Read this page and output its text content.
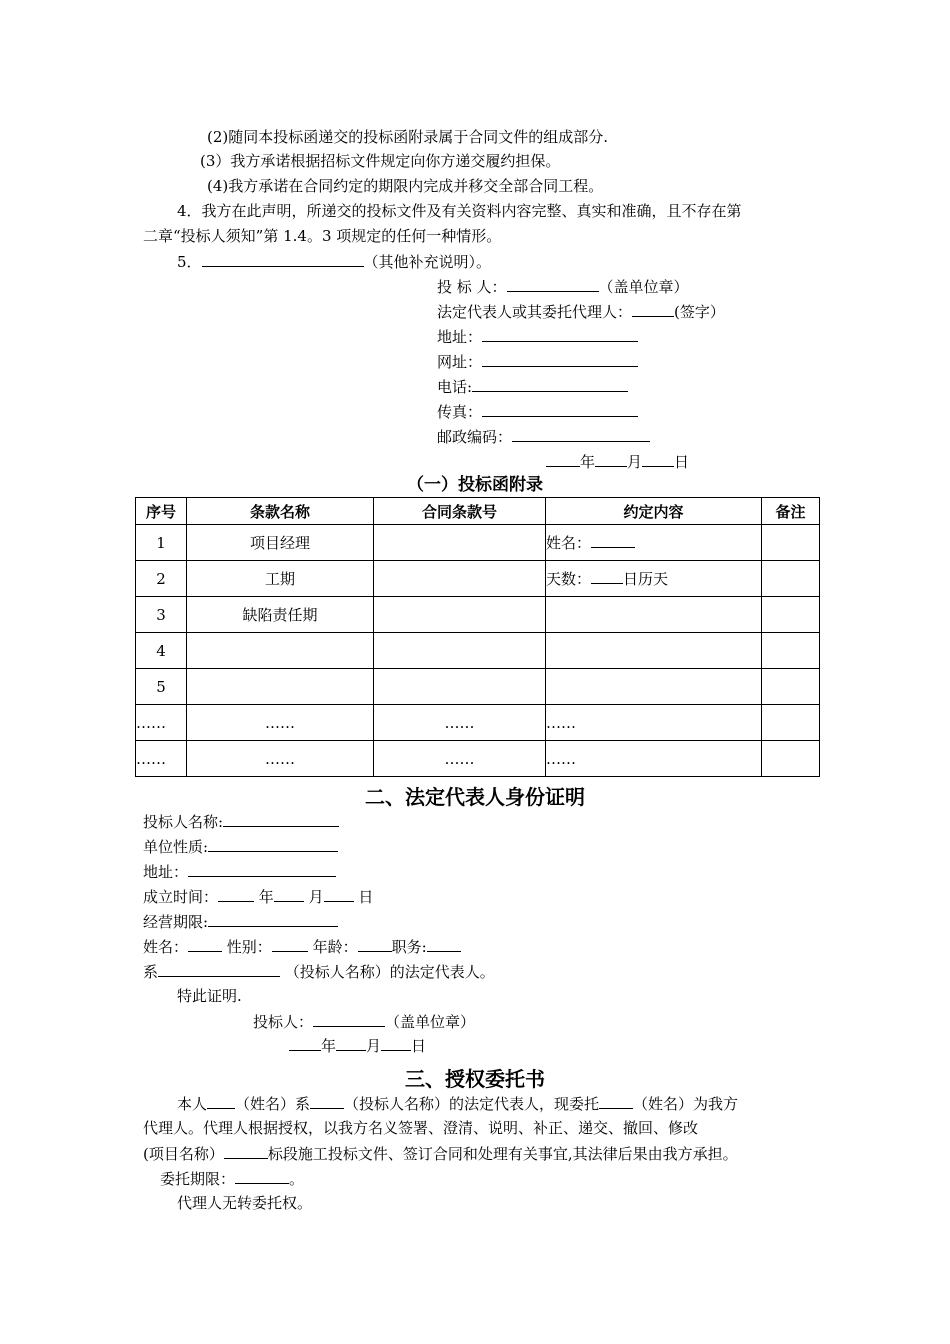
(2)随同本投标函递交的投标函附录属于合同文件的组成部分.
(3）我方承诺根据招标文件规定向你方递交履约担保。
(4)我方承诺在合同约定的期限内完成并移交全部合同工程。
4．我方在此声明，所递交的投标文件及有关资料内容完整、真实和准确，且不存在第
二章“投标人须知”第 1.4。3 项规定的任何一种情形。
5．	（其他补充说明）。
投 标 人：	（盖单位章）
法定代表人或其委托代理人：	(签字）
地址：
网址：
电话:
传真：
邮政编码：
年 月 日
（一）投标函附录
序号	条款名称	合同条款号	约定内容	备注
1	项目经理		姓名：	
2	工期		天数： 日历天	
3	缺陷责任期			
4				
5				
……	……	……	……	
……	……	……	……	
二、法定代表人身份证明
投标人名称:
单位性质:
地址：
成立时间：	年 月 日
经营期限:
姓名：	性别：	年龄： 职务:
系	（投标人名称）的法定代表人。
特此证明.
投标人：	（盖单位章）
年 月 日
三、授权委托书
本人 （姓名）系 （投标人名称）的法定代表人，现委托 （姓名）为我方
代理人。代理人根据授权，以我方名义签署、澄清、说明、补正、递交、撤回、修改
(项目名称）	标段施工投标文件、签订合同和处理有关事宜,其法律后果由我方承担。
委托期限：	。
代理人无转委托权。
